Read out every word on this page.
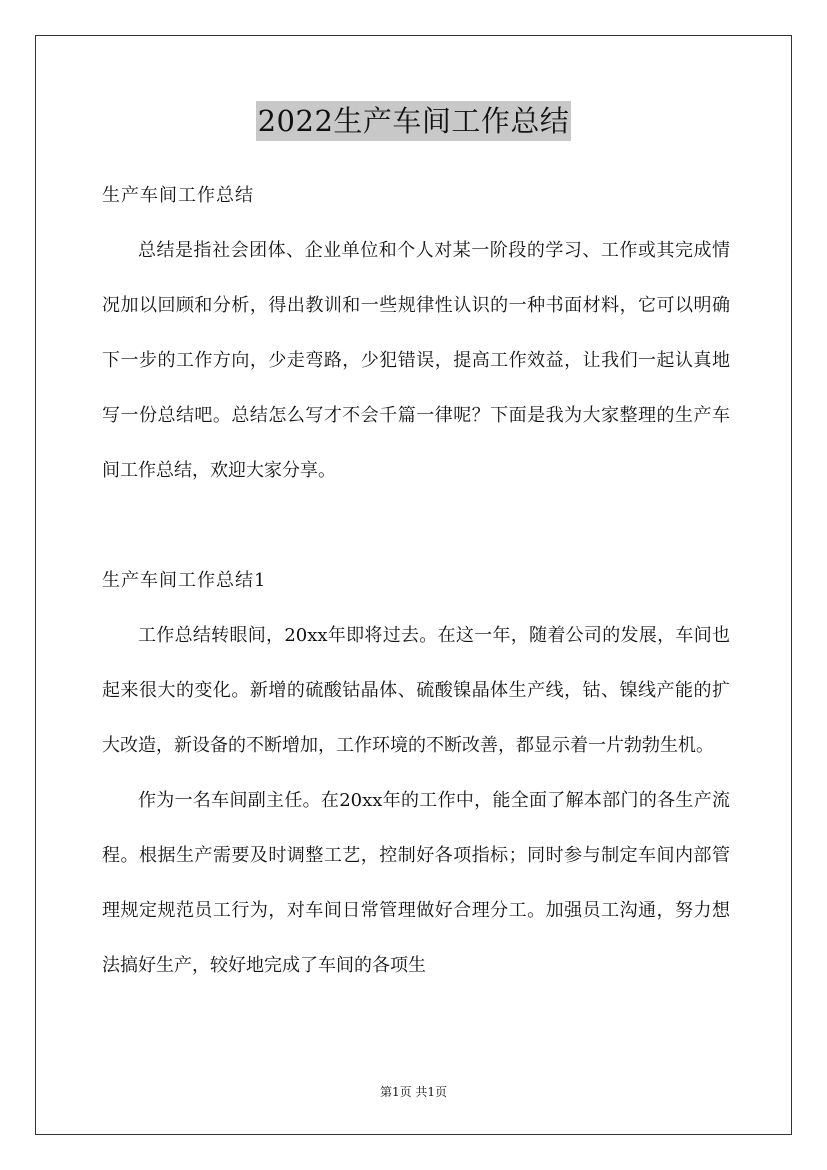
2022生产车间工作总结

生产车间工作总结

总结是指社会团体、企业单位和个人对某一阶段的学习、工作或其完成情况加以回顾和分析，得出教训和一些规律性认识的一种书面材料，它可以明确下一步的工作方向，少走弯路，少犯错误，提高工作效益，让我们一起认真地写一份总结吧。总结怎么写才不会千篇一律呢？下面是我为大家整理的生产车间工作总结，欢迎大家分享。

生产车间工作总结1

工作总结转眼间，20xx年即将过去。在这一年，随着公司的发展，车间也起来很大的变化。新增的硫酸钴晶体、硫酸镍晶体生产线，钴、镍线产能的扩大改造，新设备的不断增加，工作环境的不断改善，都显示着一片勃勃生机。

作为一名车间副主任。在20xx年的工作中，能全面了解本部门的各生产流程。根据生产需要及时调整工艺，控制好各项指标；同时参与制定车间内部管理规定规范员工行为，对车间日常管理做好合理分工。加强员工沟通，努力想法搞好生产，较好地完成了车间的各项生

第1页 共1页
